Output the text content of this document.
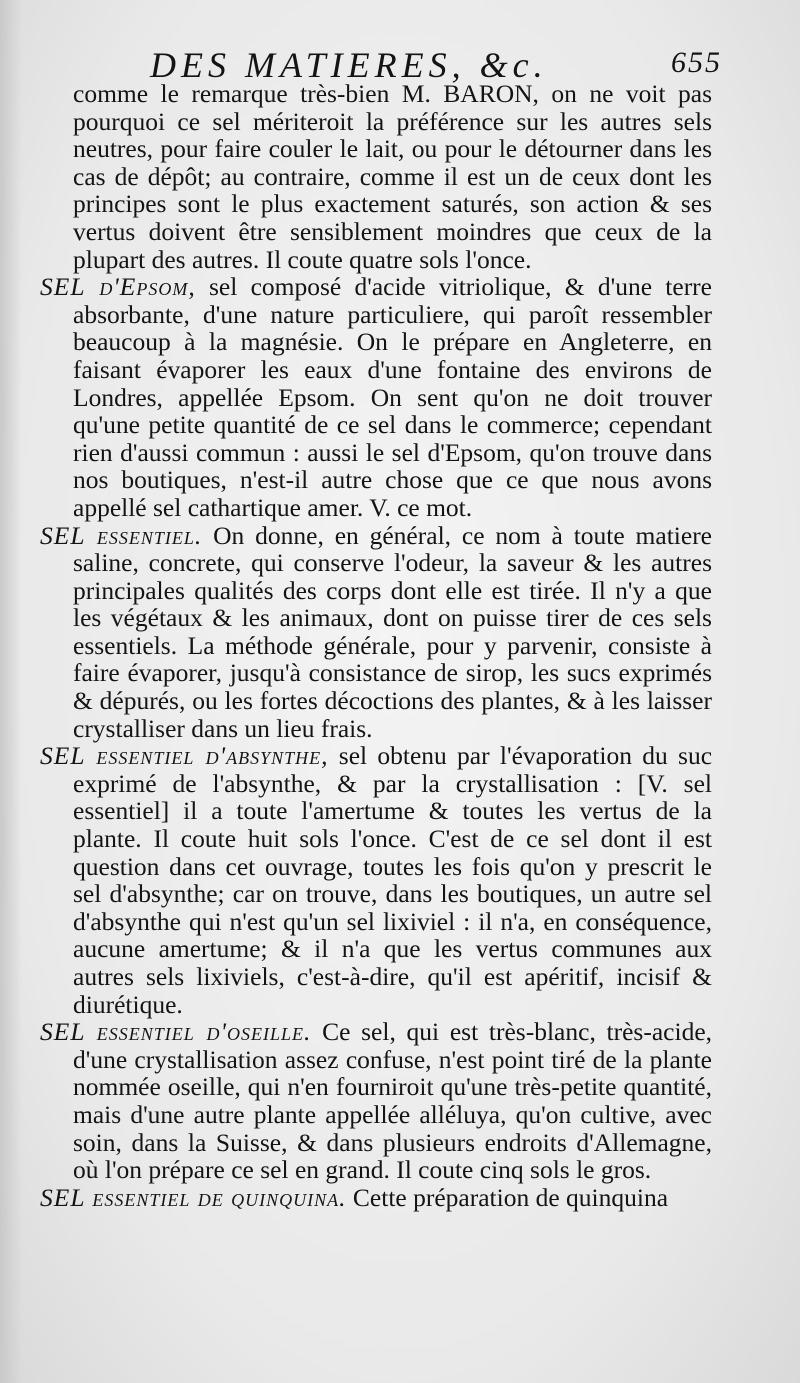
DES MATIERES, &c.	655

comme le remarque très-bien M. BARON, on ne voit pas pourquoi ce sel mériteroit la préférence sur les autres sels neutres, pour faire couler le lait, ou pour le détourner dans les cas de dépôt; au contraire, comme il est un de ceux dont les principes sont le plus exactement saturés, son action & ses vertus doivent être sensiblement moindres que ceux de la plupart des autres. Il coute quatre sols l'once.

SEL d'Epsom, sel composé d'acide vitriolique, & d'une terre absorbante, d'une nature particuliere, qui paroît ressembler beaucoup à la magnésie. On le prépare en Angleterre, en faisant évaporer les eaux d'une fontaine des environs de Londres, appellée Epsom. On sent qu'on ne doit trouver qu'une petite quantité de ce sel dans le commerce; cependant rien d'aussi commun : aussi le sel d'Epsom, qu'on trouve dans nos boutiques, n'est-il autre chose que ce que nous avons appellé sel cathartique amer. V. ce mot.

SEL essentiel. On donne, en général, ce nom à toute matiere saline, concrete, qui conserve l'odeur, la saveur & les autres principales qualités des corps dont elle est tirée. Il n'y a que les végétaux & les animaux, dont on puisse tirer de ces sels essentiels. La méthode générale, pour y parvenir, consiste à faire évaporer, jusqu'à consistance de sirop, les sucs exprimés & dépurés, ou les fortes décoctions des plantes, & à les laisser crystalliser dans un lieu frais.

SEL essentiel d'absynthe, sel obtenu par l'évaporation du suc exprimé de l'absynthe, & par la crystallisation : [V. sel essentiel] il a toute l'amertume & toutes les vertus de la plante. Il coute huit sols l'once. C'est de ce sel dont il est question dans cet ouvrage, toutes les fois qu'on y prescrit le sel d'absynthe; car on trouve, dans les boutiques, un autre sel d'absynthe qui n'est qu'un sel lixiviel : il n'a, en conséquence, aucune amertume; & il n'a que les vertus communes aux autres sels lixiviels, c'est-à-dire, qu'il est apéritif, incisif & diurétique.

SEL essentiel d'oseille. Ce sel, qui est très-blanc, très-acide, d'une crystallisation assez confuse, n'est point tiré de la plante nommée oseille, qui n'en fourniroit qu'une très-petite quantité, mais d'une autre plante appellée alléluya, qu'on cultive, avec soin, dans la Suisse, & dans plusieurs endroits d'Allemagne, où l'on prépare ce sel en grand. Il coute cinq sols le gros.

SEL essentiel de quinquina. Cette préparation de quinquina
